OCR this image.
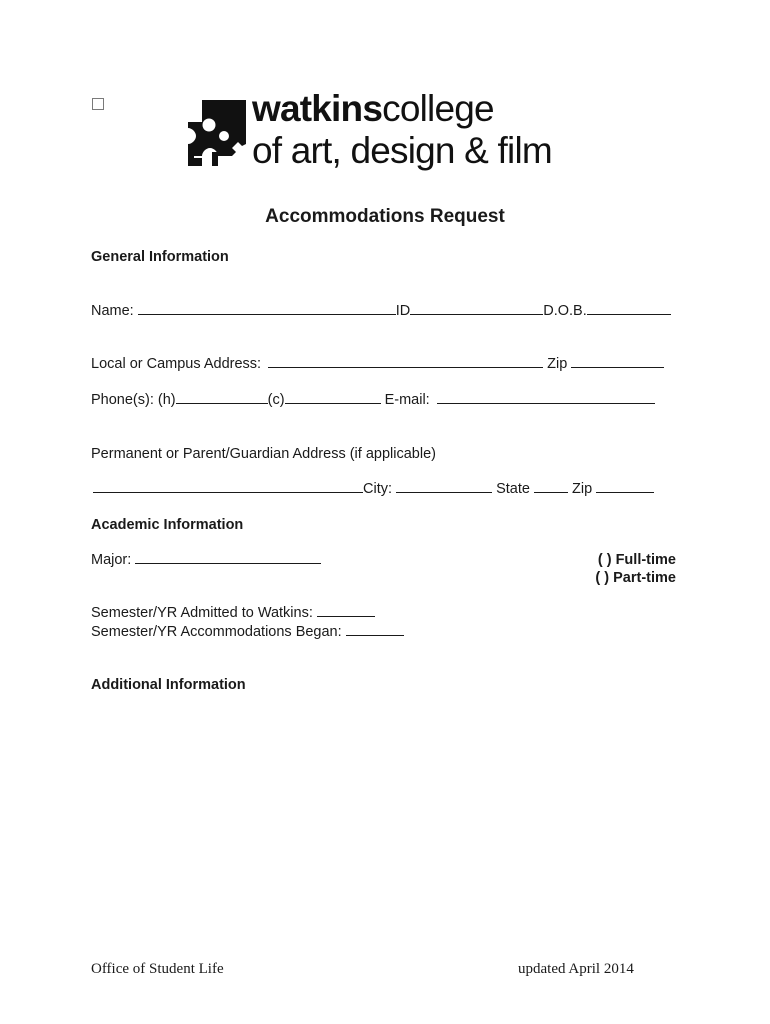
watkinscollege
of art, design & film
Accommodations Request
General Information
Name:	ID	D.O.B.
Local or Campus Address:	Zip
Phone(s): (h)	(c)	E-mail:
Permanent or Parent/Guardian Address (if applicable)
City:	State	Zip
Academic Information
Major:	( ) Full-time
( ) Part-time
Semester/YR Admitted to Watkins:
Semester/YR Accommodations Began:
Additional Information
Office of Student Life	updated April 2014
